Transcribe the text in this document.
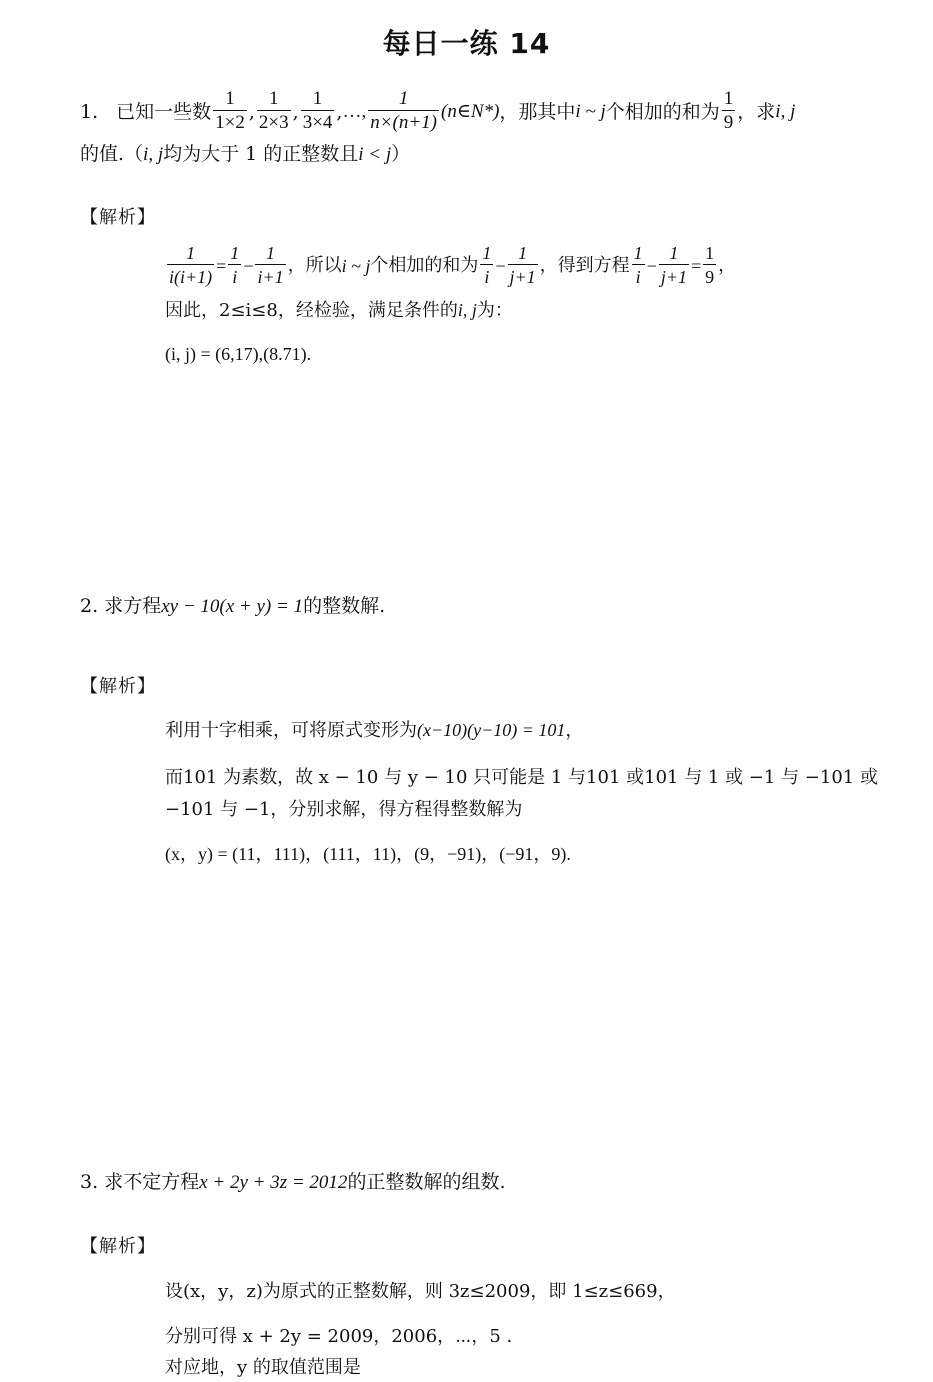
每日一练 14
1. 已知一些数 $\frac{1}{1\times 2}$ , $\frac{1}{2\times 3}$ , $\frac{1}{3\times 4}$ , …, $\frac{1}{n\times(n+1)}$ (n∈N*) ，那其中 i ~ j 个相加的和为 $\frac{1}{9}$ ，求 i, j
的值.（i, j均为大于 1 的正整数且i < j）
【解析】
$\frac{1}{i(i+1)} = \frac{1}{i} - \frac{1}{i+1}$ ，所以 i ~ j 个相加的和为 $\frac{1}{i} - \frac{1}{j+1}$ ，得到方程 $\frac{1}{i} - \frac{1}{j+1} = \frac{1}{9}$ ，
因此，2≤i≤8，经检验，满足条件的i, j为：
(i, j) = (6,17),(8.71).
2. 求方程xy − 10(x + y) = 1的整数解.
【解析】
利用十字相乘，可将原式变形为(x−10)(y−10) = 101，
而101 为素数，故 x − 10 与 y − 10 只可能是 1 与101 或101 与 1 或 −1 与 −101 或
−101 与 −1，分别求解，得方程得整数解为
(x，y) = (11，111)，(111，11)，(9，−91)，(−91，9).
3. 求不定方程x + 2y + 3z = 2012的正整数解的组数.
【解析】
设(x，y，z)为原式的正整数解，则 3z≤2009，即 1≤z≤669，
分别可得 x + 2y = 2009，2006，⋯，5 .
对应地，y 的取值范围是
